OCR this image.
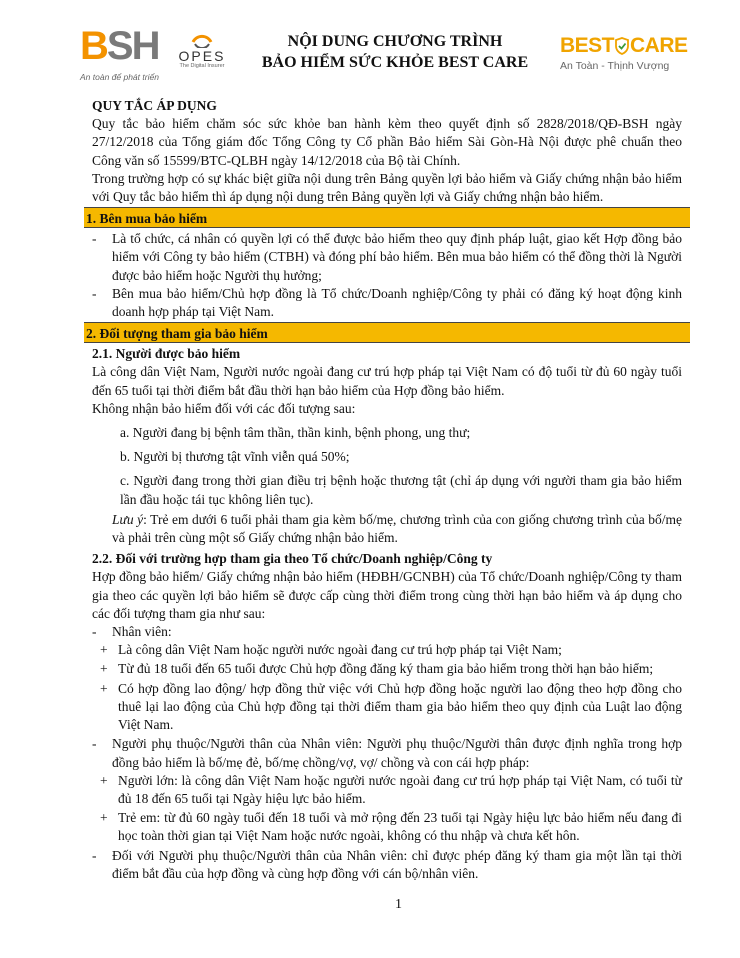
BSH
An toàn để phát triển
OPES
The Digital Insurer
NỘI DUNG CHƯƠNG TRÌNH
BẢO HIỂM SỨC KHỎE BEST CARE
BEST CARE
An Toàn - Thịnh Vượng

QUY TẮC ÁP DỤNG

Quy tắc bảo hiểm chăm sóc sức khỏe ban hành kèm theo quyết định số 2828/2018/QĐ-BSH ngày 27/12/2018 của Tổng giám đốc Tổng Công ty Cổ phần Bảo hiểm Sài Gòn-Hà Nội được phê chuẩn theo Công văn số 15599/BTC-QLBH ngày 14/12/2018 của Bộ tài Chính.

Trong trường hợp có sự khác biệt giữa nội dung trên Bảng quyền lợi bảo hiểm và Giấy chứng nhận bảo hiểm với Quy tắc bảo hiểm thì áp dụng nội dung trên Bảng quyền lợi và Giấy chứng nhận bảo hiểm.

1. Bên mua bảo hiểm
- Là tổ chức, cá nhân có quyền lợi có thể được bảo hiểm theo quy định pháp luật, giao kết Hợp đồng bảo hiểm với Công ty bảo hiểm (CTBH) và đóng phí bảo hiểm. Bên mua bảo hiểm có thể đồng thời là Người được bảo hiểm hoặc Người thụ hưởng;
- Bên mua bảo hiểm/Chủ hợp đồng là Tổ chức/Doanh nghiệp/Công ty phải có đăng ký hoạt động kinh doanh hợp pháp tại Việt Nam.
2. Đối tượng tham gia bảo hiểm

2.1. Người được bảo hiểm

Là công dân Việt Nam, Người nước ngoài đang cư trú hợp pháp tại Việt Nam có độ tuổi từ đủ 60 ngày tuổi đến 65 tuổi tại thời điểm bắt đầu thời hạn bảo hiểm của Hợp đồng bảo hiểm.

Không nhận bảo hiểm đối với các đối tượng sau:

a. Người đang bị bệnh tâm thần, thần kinh, bệnh phong, ung thư;

b. Người bị thương tật vĩnh viễn quá 50%;

c. Người đang trong thời gian điều trị bệnh hoặc thương tật (chỉ áp dụng với người tham gia bảo hiểm lần đầu hoặc tái tục không liên tục).

Lưu ý: Trẻ em dưới 6 tuổi phải tham gia kèm bố/mẹ, chương trình của con giống chương trình của bố/mẹ và phải trên cùng một số Giấy chứng nhận bảo hiểm.

2.2. Đối với trường hợp tham gia theo Tổ chức/Doanh nghiệp/Công ty

Hợp đồng bảo hiểm/ Giấy chứng nhận bảo hiểm (HĐBH/GCNBH) của Tổ chức/Doanh nghiệp/Công ty tham gia theo các quyền lợi bảo hiểm sẽ được cấp cùng thời điểm trong cùng thời hạn bảo hiểm và áp dụng cho các đối tượng tham gia như sau:

- Nhân viên:
+ Là công dân Việt Nam hoặc người nước ngoài đang cư trú hợp pháp tại Việt Nam;
+ Từ đủ 18 tuổi đến 65 tuổi được Chủ hợp đồng đăng ký tham gia bảo hiểm trong thời hạn bảo hiểm;
+ Có hợp đồng lao động/ hợp đồng thử việc với Chủ hợp đồng hoặc người lao động theo hợp đồng cho thuê lại lao động của Chủ hợp đồng tại thời điểm tham gia bảo hiểm theo quy định của Luật lao động Việt Nam.
- Người phụ thuộc/Người thân của Nhân viên: Người phụ thuộc/Người thân được định nghĩa trong hợp đồng bảo hiểm là bố/mẹ đẻ, bố/mẹ chồng/vợ, vợ/ chồng và con cái hợp pháp:
+ Người lớn: là công dân Việt Nam hoặc người nước ngoài đang cư trú hợp pháp tại Việt Nam, có tuổi từ đủ 18 đến 65 tuổi tại Ngày hiệu lực bảo hiểm.
+ Trẻ em: từ đủ 60 ngày tuổi đến 18 tuổi và mở rộng đến 23 tuổi tại Ngày hiệu lực bảo hiểm nếu đang đi học toàn thời gian tại Việt Nam hoặc nước ngoài, không có thu nhập và chưa kết hôn.
- Đối với Người phụ thuộc/Người thân của Nhân viên: chỉ được phép đăng ký tham gia một lần tại thời điểm bắt đầu của hợp đồng và cùng hợp đồng với cán bộ/nhân viên.
1
